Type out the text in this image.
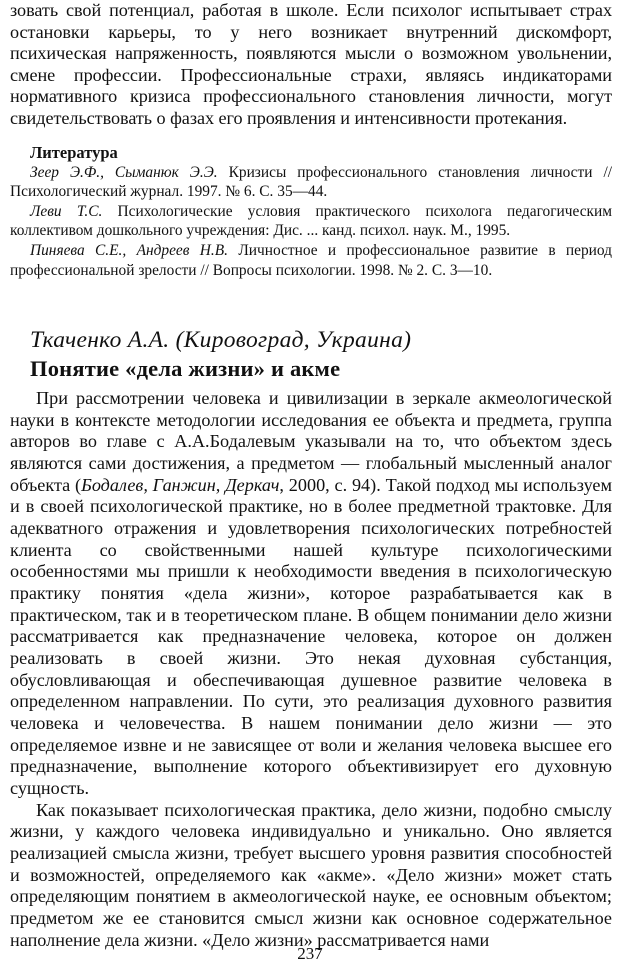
зовать свой потенциал, работая в школе. Если психолог испытывает страх остановки карьеры, то у него возникает внутренний дискомфорт, психическая напряженность, появляются мысли о возможном увольнении, смене профессии. Профессиональные страхи, являясь индикаторами нормативного кризиса профессионального становления личности, могут свидетельствовать о фазах его проявления и интенсивности протекания.

Литература

Зеер Э.Ф., Сыманюк Э.Э. Кризисы профессионального становления личности // Психологический журнал. 1997. № 6. С. 35—44.

Леви Т.С. Психологические условия практического психолога педагогическим коллективом дошкольного учреждения: Дис. ... канд. психол. наук. М., 1995.

Пиняева С.Е., Андреев Н.В. Личностное и профессиональное развитие в период профессиональной зрелости // Вопросы психологии. 1998. № 2. С. 3—10.

Ткаченко А.А. (Кировоград, Украина)
Понятие «дела жизни» и акме

При рассмотрении человека и цивилизации в зеркале акмеологической науки в контексте методологии исследования ее объекта и предмета, группа авторов во главе с А.А.Бодалевым указывали на то, что объектом здесь являются сами достижения, а предметом — глобальный мысленный аналог объекта (Бодалев, Ганжин, Деркач, 2000, с. 94). Такой подход мы используем и в своей психологической практике, но в более предметной трактовке. Для адекватного отражения и удовлетворения психологических потребностей клиента со свойственными нашей культуре психологическими особенностями мы пришли к необходимости введения в психологическую практику понятия «дела жизни», которое разрабатывается как в практическом, так и в теоретическом плане. В общем понимании дело жизни рассматривается как предназначение человека, которое он должен реализовать в своей жизни. Это некая духовная субстанция, обусловливающая и обеспечивающая душевное развитие человека в определенном направлении. По сути, это реализация духовного развития человека и человечества. В нашем понимании дело жизни — это определяемое извне и не зависящее от воли и желания человека высшее его предназначение, выполнение которого объективизирует его духовную сущность.

Как показывает психологическая практика, дело жизни, подобно смыслу жизни, у каждого человека индивидуально и уникально. Оно является реализацией смысла жизни, требует высшего уровня развития способностей и возможностей, определяемого как «акме». «Дело жизни» может стать определяющим понятием в акмеологической науке, ее основным объектом; предметом же ее становится смысл жизни как основное содержательное наполнение дела жизни. «Дело жизни» рассматривается нами

237
